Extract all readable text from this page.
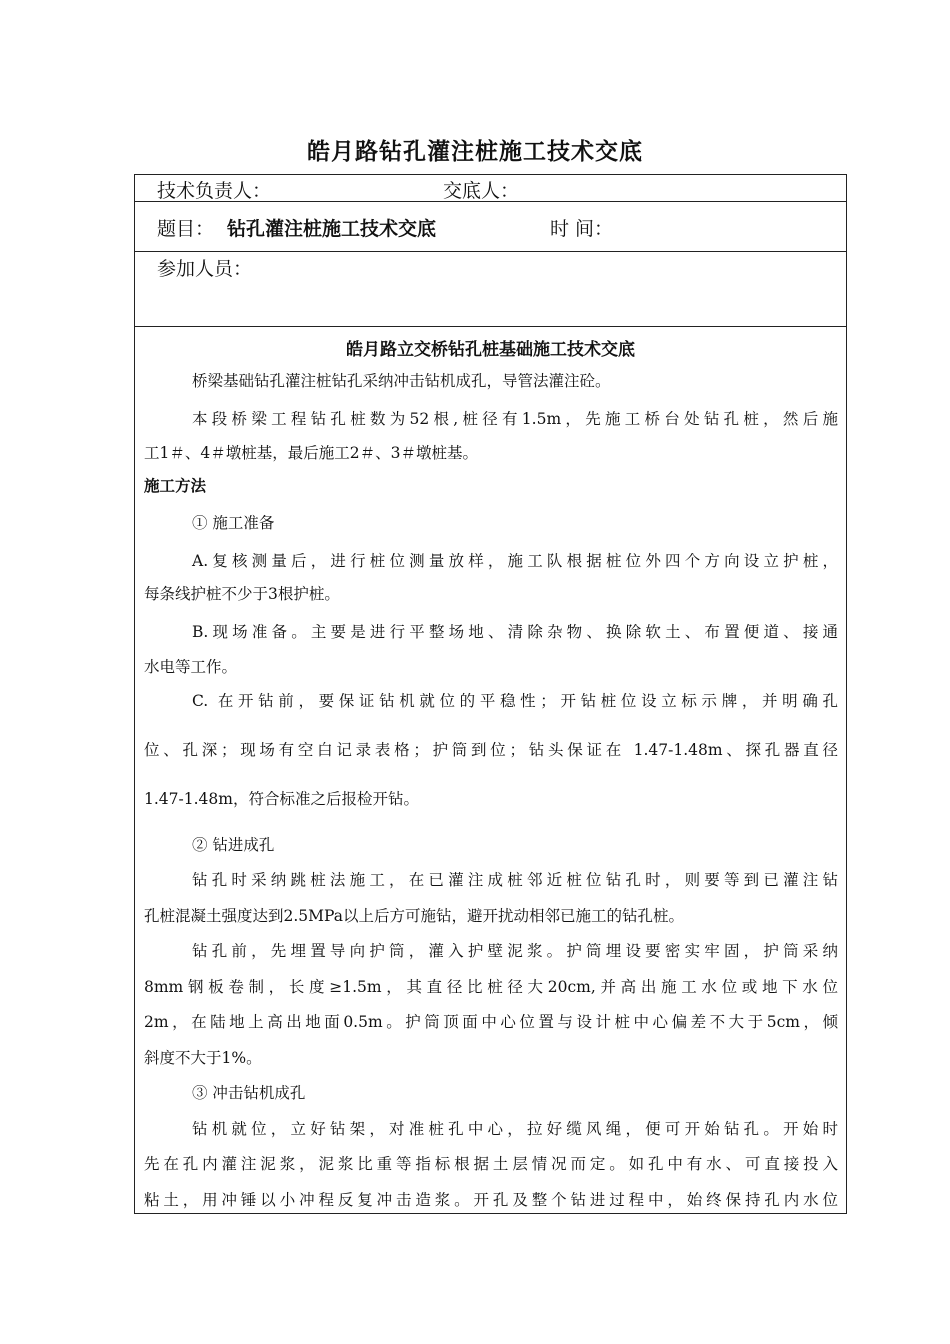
皓月路钻孔灌注桩施工技术交底
技术负责人：	交底人：
题目： 钻孔灌注桩施工技术交底	时 间：
参加人员：
皓月路立交桥钻孔桩基础施工技术交底
桥梁基础钻孔灌注桩钻孔采纳冲击钻机成孔，导管法灌注砼。
本段桥梁工程钻孔桩数为52根,桩径有1.5m，先施工桥台处钻孔桩，然后施
工1＃、4＃墩桩基，最后施工2＃、3＃墩桩基。
施工方法
① 施工准备
A.复核测量后，进行桩位测量放样，施工队根据桩位外四个方向设立护桩，
每条线护桩不少于3根护桩。
B.现场准备。主要是进行平整场地、清除杂物、换除软土、布置便道、接通
水电等工作。
C. 在开钻前，要保证钻机就位的平稳性；开钻桩位设立标示牌，并明确孔
位、孔深；现场有空白记录表格；护筒到位；钻头保证在 1.47-1.48m、探孔器直径
1.47-1.48m，符合标准之后报检开钻。
② 钻进成孔
钻孔时采纳跳桩法施工，在已灌注成桩邻近桩位钻孔时，则要等到已灌注钻
孔桩混凝土强度达到2.5MPa以上后方可施钻，避开扰动相邻已施工的钻孔桩。
钻孔前，先埋置导向护筒，灌入护壁泥浆。护筒埋设要密实牢固，护筒采纳
8mm钢板卷制，长度≥1.5m，其直径比桩径大20cm,并高出施工水位或地下水位
2m，在陆地上高出地面0.5m。护筒顶面中心位置与设计桩中心偏差不大于5cm，倾
斜度不大于1%。
③ 冲击钻机成孔
钻机就位，立好钻架，对准桩孔中心，拉好缆风绳，便可开始钻孔。开始时
先在孔内灌注泥浆，泥浆比重等指标根据土层情况而定。如孔中有水、可直接投入
粘土，用冲锤以小冲程反复冲击造浆。开孔及整个钻进过程中，始终保持孔内水位
